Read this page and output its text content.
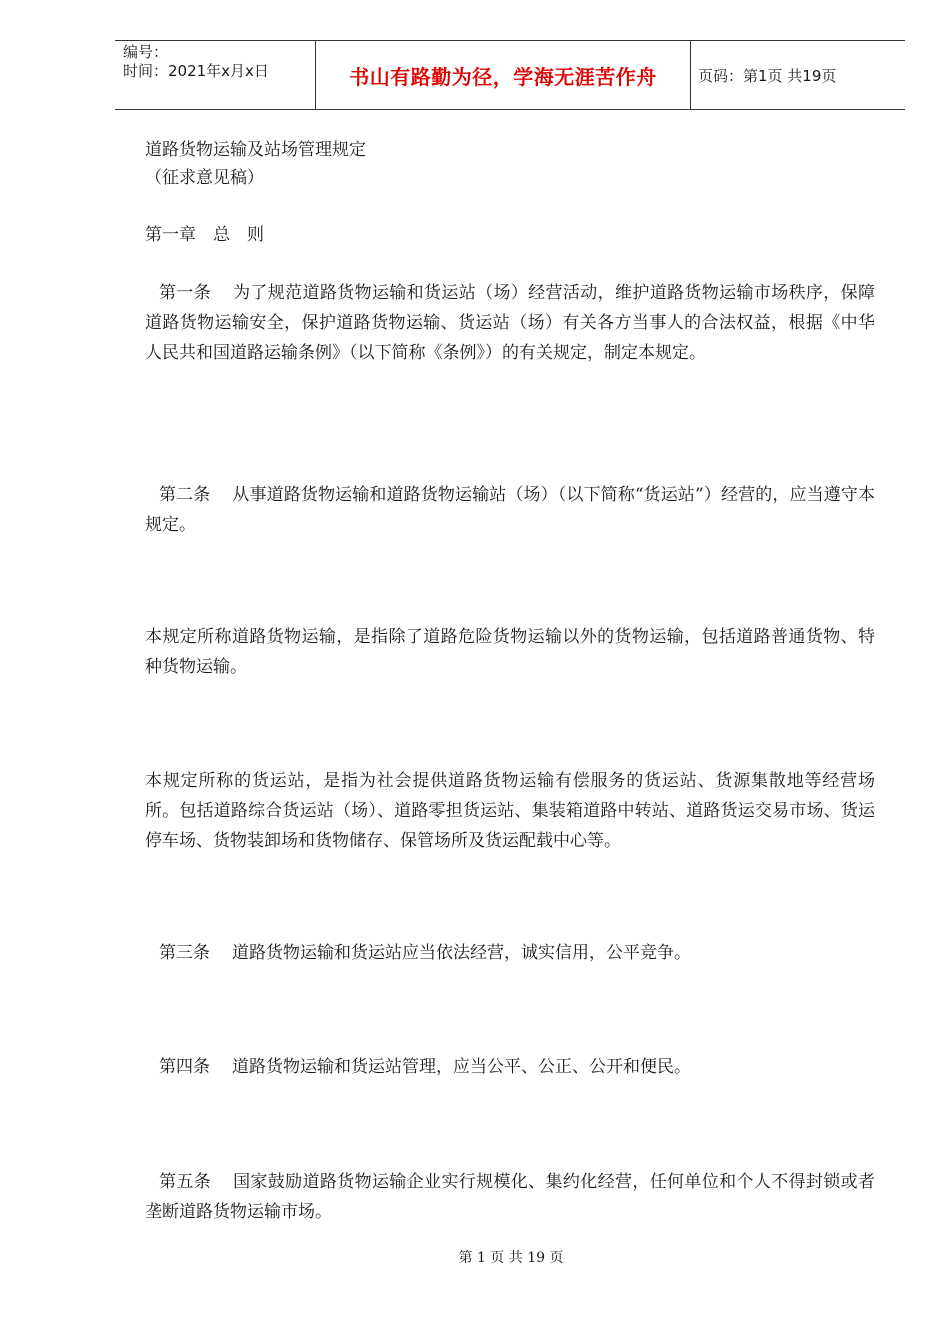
编号：
时间：2021年x月x日	书山有路勤为径，学海无涯苦作舟	页码：第1页 共19页
道路货物运输及站场管理规定
（征求意见稿）
第一章　总　则
第一条 为了规范道路货物运输和货运站（场）经营活动，维护道路货物运输市场秩序，保障道路货物运输安全，保护道路货物运输、货运站（场）有关各方当事人的合法权益，根据《中华人民共和国道路运输条例》（以下简称《条例》）的有关规定，制定本规定。
第二条 从事道路货物运输和道路货物运输站（场）（以下简称“货运站”）经营的，应当遵守本规定。
本规定所称道路货物运输，是指除了道路危险货物运输以外的货物运输，包括道路普通货物、特种货物运输。
本规定所称的货运站，是指为社会提供道路货物运输有偿服务的货运站、货源集散地等经营场所。包括道路综合货运站（场）、道路零担货运站、集装箱道路中转站、道路货运交易市场、货运停车场、货物装卸场和货物储存、保管场所及货运配载中心等。
第三条 道路货物运输和货运站应当依法经营，诚实信用，公平竞争。
第四条 道路货物运输和货运站管理，应当公平、公正、公开和便民。
第五条 国家鼓励道路货物运输企业实行规模化、集约化经营，任何单位和个人不得封锁或者垄断道路货物运输市场。
第 1 页 共 19 页
